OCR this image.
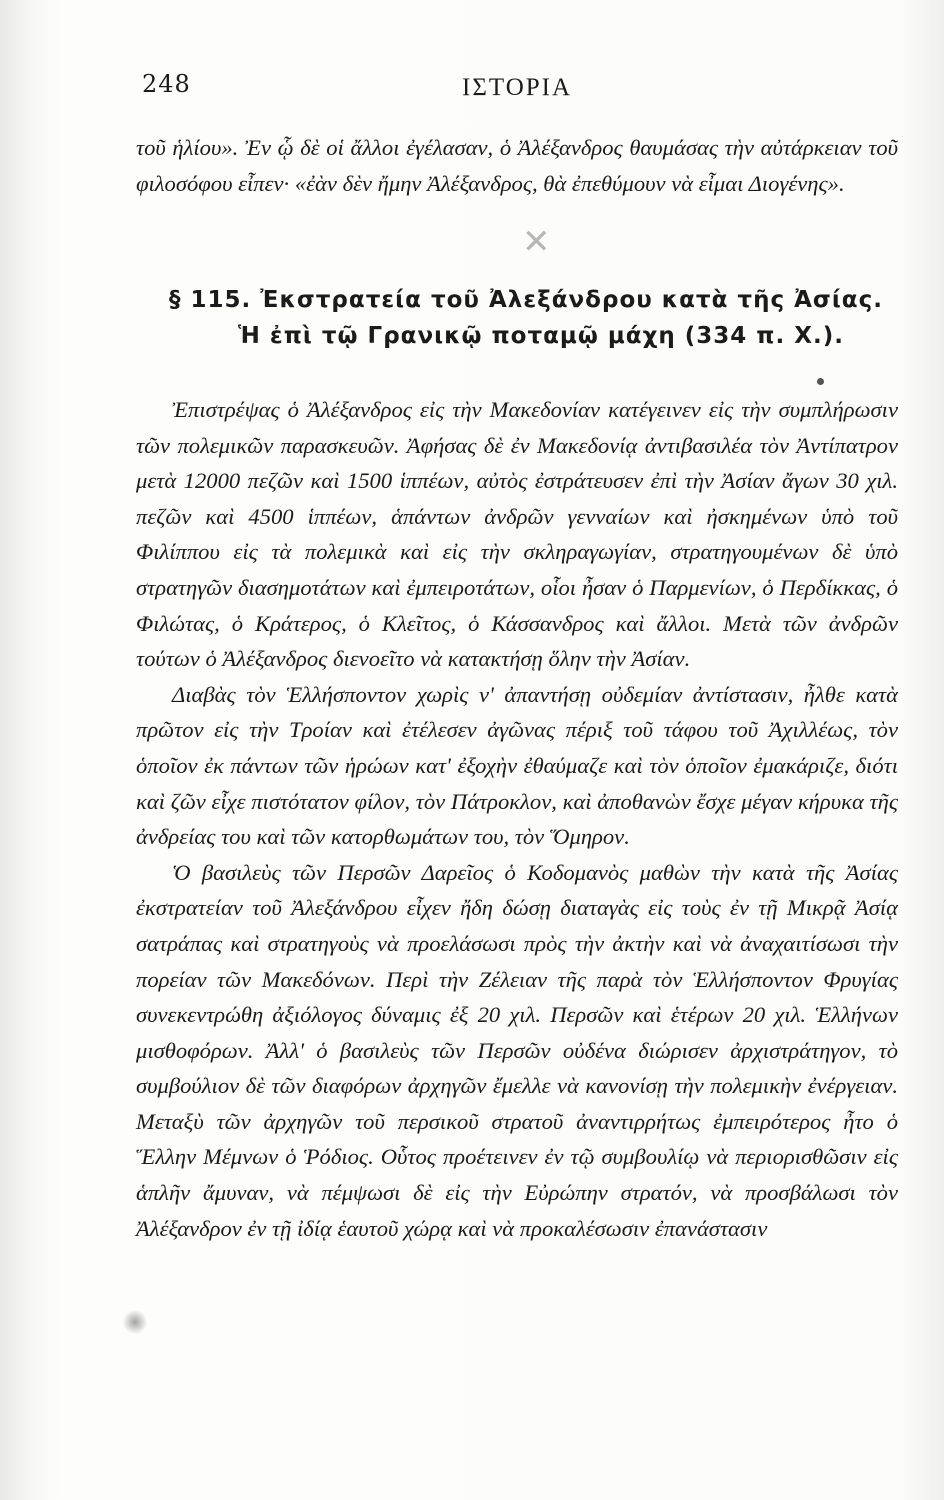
248	ΙΣΤΟΡΙΑ
τοῦ ἡλίου». Ἐν ᾧ δὲ οἱ ἄλλοι ἐγέλασαν, ὁ Ἀλέξανδρος θαυμάσας τὴν αὐτάρκειαν τοῦ φιλοσόφου εἶπεν· «ἐὰν δὲν ἤμην Ἀλέξανδρος, θὰ ἐπεθύμουν νὰ εἶμαι Διογένης».
✕
§ 115. Ἐκστρατεία τοῦ Ἀλεξάνδρου κατὰ τῆς Ἀσίας.
Ἡ ἐπὶ τῷ Γρανικῷ ποταμῷ μάχη (334 π. Χ.).

Ἐπιστρέψας ὁ Ἀλέξανδρος εἰς τὴν Μακεδονίαν κατέγεινεν εἰς τὴν συμπλήρωσιν τῶν πολεμικῶν παρασκευῶν. Ἀφήσας δὲ ἐν Μακεδονίᾳ ἀντιβασιλέα τὸν Ἀντίπατρον μετὰ 12000 πεζῶν καὶ 1500 ἱππέων, αὐτὸς ἐστράτευσεν ἐπὶ τὴν Ἀσίαν ἄγων 30 χιλ. πεζῶν καὶ 4500 ἱππέων, ἁπάντων ἀνδρῶν γενναίων καὶ ἠσκημένων ὑπὸ τοῦ Φιλίππου εἰς τὰ πολεμικὰ καὶ εἰς τὴν σκληραγωγίαν, στρατηγουμένων δὲ ὑπὸ στρατηγῶν διασημοτάτων καὶ ἐμπειροτάτων, οἷοι ἦσαν ὁ Παρμενίων, ὁ Περδίκκας, ὁ Φιλώτας, ὁ Κράτερος, ὁ Κλεῖτος, ὁ Κάσσανδρος καὶ ἄλλοι. Μετὰ τῶν ἀνδρῶν τούτων ὁ Ἀλέξανδρος διενοεῖτο νὰ κατακτήσῃ ὅλην τὴν Ἀσίαν.

Διαβὰς τὸν Ἑλλήσποντον χωρὶς ν' ἀπαντήσῃ οὐδεμίαν ἀντίστασιν, ἦλθε κατὰ πρῶτον εἰς τὴν Τροίαν καὶ ἐτέλεσεν ἀγῶνας πέριξ τοῦ τάφου τοῦ Ἀχιλλέως, τὸν ὁποῖον ἐκ πάντων τῶν ἡρώων κατ' ἐξοχὴν ἐθαύμαζε καὶ τὸν ὁποῖον ἐμακάριζε, διότι καὶ ζῶν εἶχε πιστότατον φίλον, τὸν Πάτροκλον, καὶ ἀποθανὼν ἔσχε μέγαν κήρυκα τῆς ἀνδρείας του καὶ τῶν κατορθωμάτων του, τὸν Ὅμηρον.

Ὁ βασιλεὺς τῶν Περσῶν Δαρεῖος ὁ Κοδομανὸς μαθὼν τὴν κατὰ τῆς Ἀσίας ἐκστρατείαν τοῦ Ἀλεξάνδρου εἶχεν ἤδη δώσῃ διαταγὰς εἰς τοὺς ἐν τῇ Μικρᾷ Ἀσίᾳ σατράπας καὶ στρατηγοὺς νὰ προελάσωσι πρὸς τὴν ἀκτὴν καὶ νὰ ἀναχαιτίσωσι τὴν πορείαν τῶν Μακεδόνων. Περὶ τὴν Ζέλειαν τῆς παρὰ τὸν Ἑλλήσποντον Φρυγίας συνεκεντρώθη ἀξιόλογος δύναμις ἐξ 20 χιλ. Περσῶν καὶ ἑτέρων 20 χιλ. Ἑλλήνων μισθοφόρων. Ἀλλ' ὁ βασιλεὺς τῶν Περσῶν οὐδένα διώρισεν ἀρχιστράτηγον, τὸ συμβούλιον δὲ τῶν διαφόρων ἀρχηγῶν ἔμελλε νὰ κανονίσῃ τὴν πολεμικὴν ἐνέργειαν. Μεταξὺ τῶν ἀρχηγῶν τοῦ περσικοῦ στρατοῦ ἀναντιρρήτως ἐμπειρότερος ἦτο ὁ Ἕλλην Μέμνων ὁ Ῥόδιος. Οὗτος προέτεινεν ἐν τῷ συμβουλίῳ νὰ περιορισθῶσιν εἰς ἁπλῆν ἄμυναν, νὰ πέμψωσι δὲ εἰς τὴν Εὐρώπην στρατόν, νὰ προσβάλωσι τὸν Ἀλέξανδρον ἐν τῇ ἰδίᾳ ἑαυτοῦ χώρᾳ καὶ νὰ προκαλέσωσιν ἐπανάστασιν
